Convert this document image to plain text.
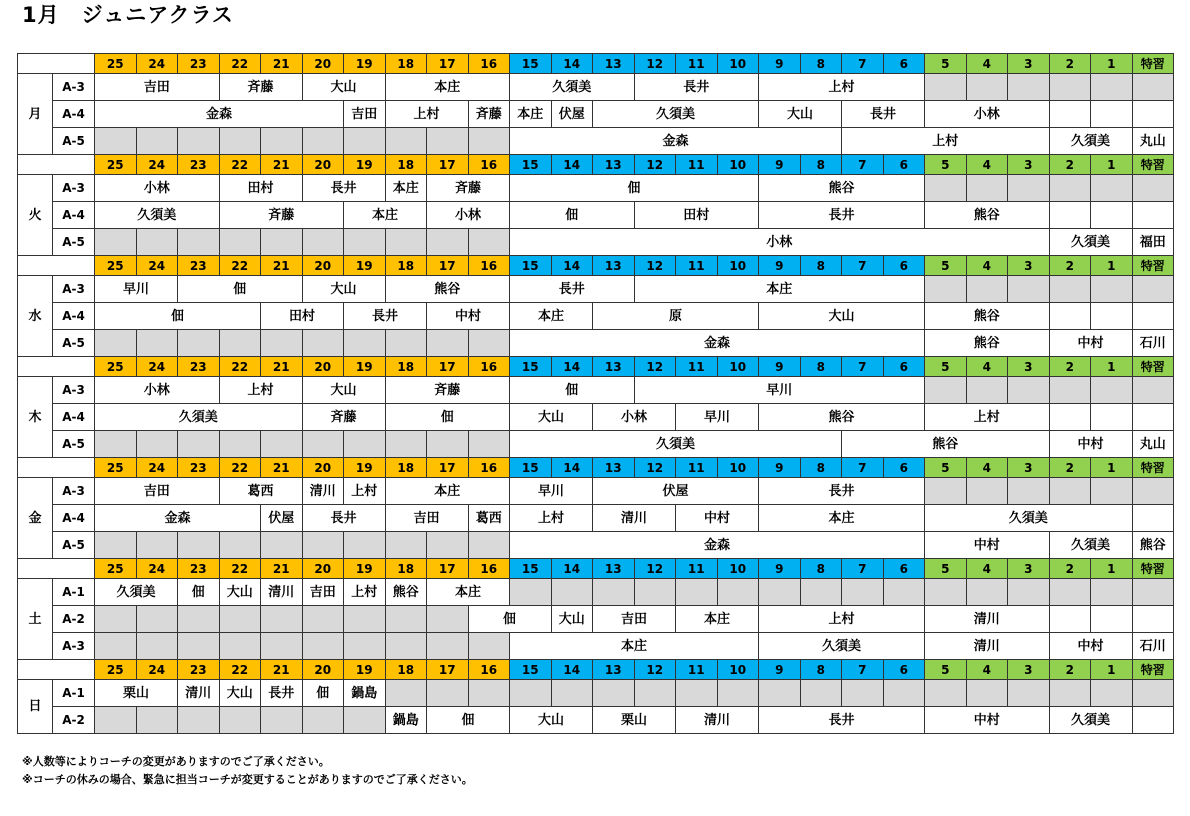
1月　ジュニアクラス
		25	24	23	22	21	20	19	18	17	16	15	14	13	12	11	10	9	8	7	6	5	4	3	2	1	特習
月	A-3	吉田			斉藤		大山		本庄			久須美			長井			上村									
	A-4	金森						吉田	上村		斉藤	本庄	伏屋	久須美				大山		長井		小林					
	A-5											金森								上村					久須美		丸山
		25	24	23	22	21	20	19	18	17	16	15	14	13	12	11	10	9	8	7	6	5	4	3	2	1	特習
火	A-3	小林			田村		長井		本庄	斉藤		佃						熊谷									
	A-4	久須美			斉藤			本庄		小林		佃			田村			長井				熊谷					
	A-5											小林													久須美		福田
		25	24	23	22	21	20	19	18	17	16	15	14	13	12	11	10	9	8	7	6	5	4	3	2	1	特習
水	A-3	早川		佃			大山		熊谷			長井			本庄												
	A-4	佃				田村		長井		中村		本庄		原				大山				熊谷					
	A-5											金森										熊谷			中村		石川
		25	24	23	22	21	20	19	18	17	16	15	14	13	12	11	10	9	8	7	6	5	4	3	2	1	特習
木	A-3	小林			上村		大山		斉藤			佃			早川												
	A-4	久須美					斉藤		佃			大山		小林		早川		熊谷				上村					
	A-5											久須美								熊谷					中村		丸山
		25	24	23	22	21	20	19	18	17	16	15	14	13	12	11	10	9	8	7	6	5	4	3	2	1	特習
金	A-3	吉田			葛西		清川	上村	本庄			早川		伏屋				長井									
	A-4	金森				伏屋	長井		吉田		葛西	上村		清川		中村		本庄				久須美					
	A-5											金森										中村			久須美		熊谷
		25	24	23	22	21	20	19	18	17	16	15	14	13	12	11	10	9	8	7	6	5	4	3	2	1	特習
土	A-1	久須美		佃	大山	清川	吉田	上村	熊谷	本庄																	
	A-2										佃		大山	吉田		本庄		上村				清川					
	A-3											本庄						久須美				清川			中村		石川
		25	24	23	22	21	20	19	18	17	16	15	14	13	12	11	10	9	8	7	6	5	4	3	2	1	特習
日	A-1	栗山		清川	大山	長井	佃	鍋島																			
	A-2								鍋島	佃		大山		栗山		清川		長井				中村			久須美		
※人数等によりコーチの変更がありますのでご了承ください。
※コーチの休みの場合、緊急に担当コーチが変更することがありますのでご了承ください。
